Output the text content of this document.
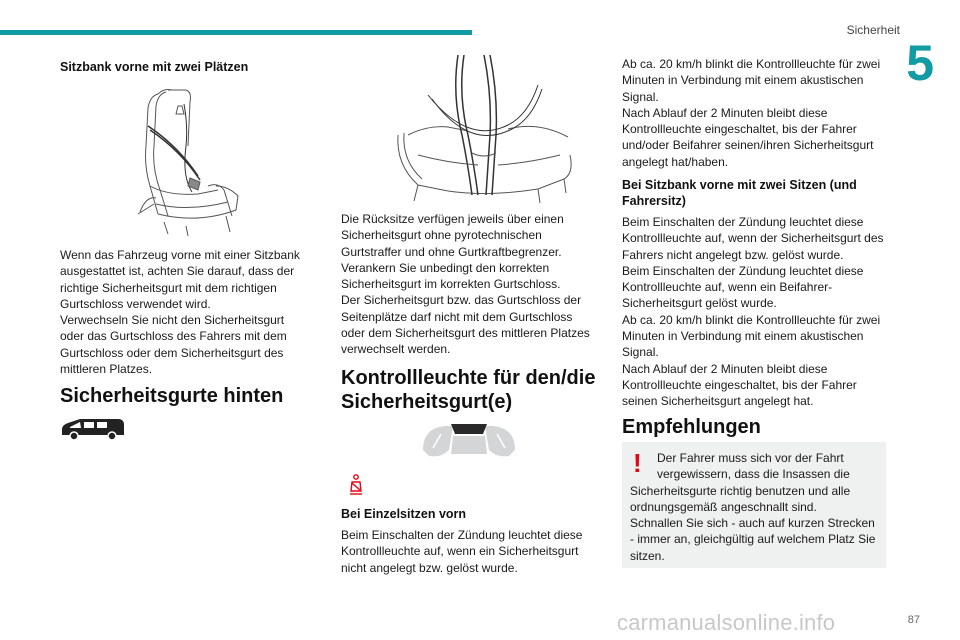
Sicherheit
5
Sitzbank vorne mit zwei Plätzen

Wenn das Fahrzeug vorne mit einer Sitzbank ausgestattet ist, achten Sie darauf, dass der richtige Sicherheitsgurt mit dem richtigen Gurtschloss verwendet wird.
Verwechseln Sie nicht den Sicherheitsgurt oder das Gurtschloss des Fahrers mit dem Gurtschloss oder dem Sicherheitsgurt des mittleren Platzes.

Sicherheitsgurte hinten

Die Rücksitze verfügen jeweils über einen Sicherheitsgurt ohne pyrotechnischen Gurtstraffer und ohne Gurtkraftbegrenzer.
Verankern Sie unbedingt den korrekten Sicherheitsgurt im korrekten Gurtschloss.
Der Sicherheitsgurt bzw. das Gurtschloss der Seitenplätze darf nicht mit dem Gurtschloss oder dem Sicherheitsgurt des mittleren Platzes verwechselt werden.

Kontrollleuchte für den/die Sicherheitsgurt(e)
Bei Einzelsitzen vorn

Beim Einschalten der Zündung leuchtet diese Kontrollleuchte auf, wenn ein Sicherheitsgurt nicht angelegt bzw. gelöst wurde.

Ab ca. 20 km/h blinkt die Kontrollleuchte für zwei Minuten in Verbindung mit einem akustischen Signal.
Nach Ablauf der 2 Minuten bleibt diese Kontrollleuchte eingeschaltet, bis der Fahrer und/oder Beifahrer seinen/ihren Sicherheitsgurt angelegt hat/haben.

Bei Sitzbank vorne mit zwei Sitzen (und Fahrersitz)

Beim Einschalten der Zündung leuchtet diese Kontrollleuchte auf, wenn der Sicherheitsgurt des Fahrers nicht angelegt bzw. gelöst wurde.
Beim Einschalten der Zündung leuchtet diese Kontrollleuchte auf, wenn ein Beifahrer-Sicherheitsgurt gelöst wurde.
Ab ca. 20 km/h blinkt die Kontrollleuchte für zwei Minuten in Verbindung mit einem akustischen Signal.
Nach Ablauf der 2 Minuten bleibt diese Kontrollleuchte eingeschaltet, bis der Fahrer seinen Sicherheitsgurt angelegt hat.

Empfehlungen
!	Der Fahrer muss sich vor der Fahrt vergewissern, dass die Insassen die
Sicherheitsgurte richtig benutzen und alle ordnungsgemäß angeschnallt sind.
Schnallen Sie sich - auch auf kurzen Strecken - immer an, gleichgültig auf welchem Platz Sie sitzen.
carmanualsonline.info	87
